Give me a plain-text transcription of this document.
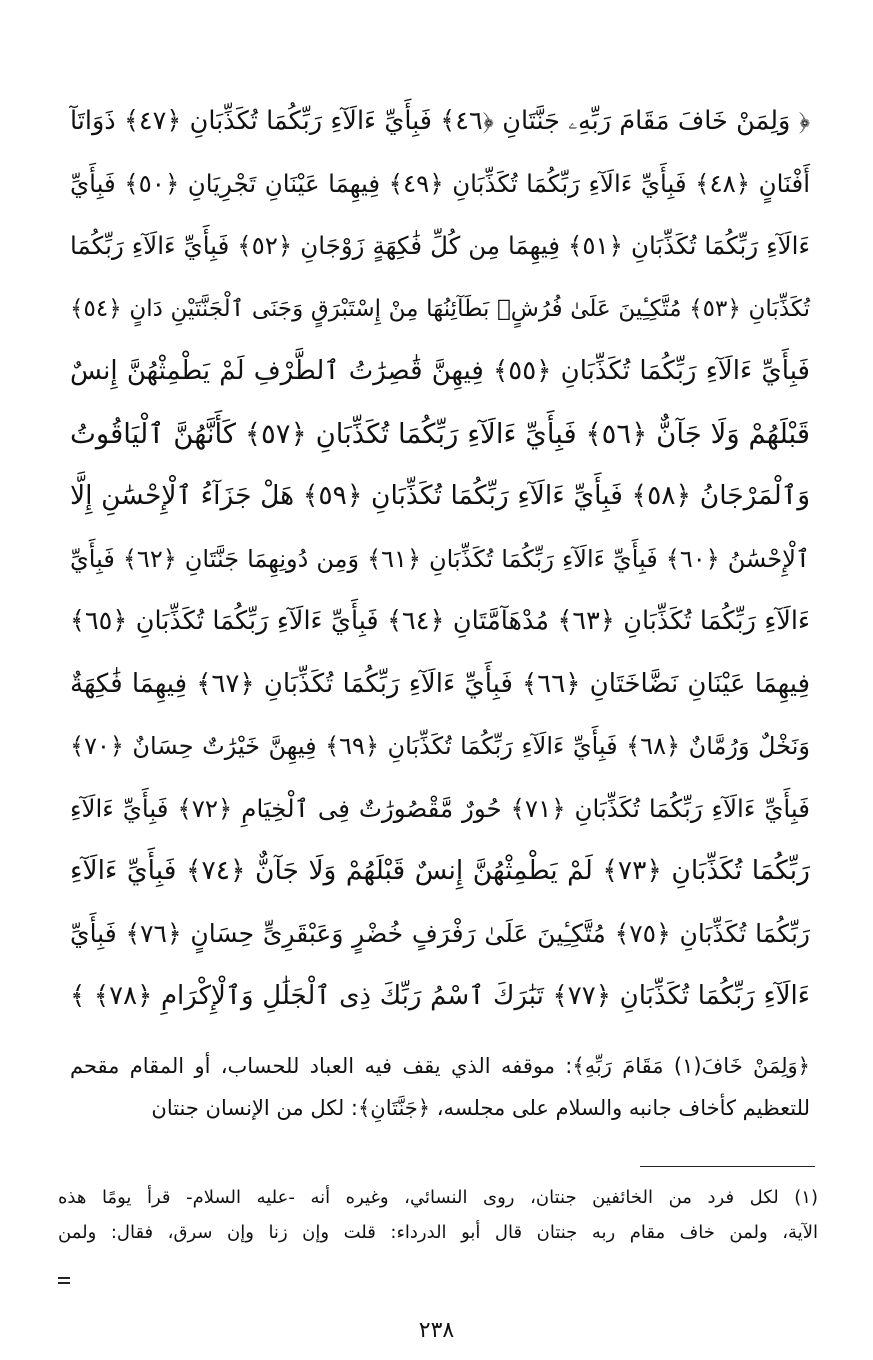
﴿ وَلِمَنْ خَافَ مَقَامَ رَبِّهِۦ جَنَّتَانِ ﴿٤٦﴾ فَبِأَيِّ ءَالَآءِ رَبِّكُمَا تُكَذِّبَانِ ﴿٤٧﴾ ذَوَاتَآ
أَفْنَانٍ ﴿٤٨﴾ فَبِأَيِّ ءَالَآءِ رَبِّكُمَا تُكَذِّبَانِ ﴿٤٩﴾ فِيهِمَا عَيْنَانِ تَجْرِيَانِ ﴿٥٠﴾ فَبِأَيِّ
ءَالَآءِ رَبِّكُمَا تُكَذِّبَانِ ﴿٥١﴾ فِيهِمَا مِن كُلِّ فَٰكِهَةٍ زَوْجَانِ ﴿٥٢﴾ فَبِأَيِّ ءَالَآءِ رَبِّكُمَا
تُكَذِّبَانِ ﴿٥٣﴾ مُتَّكِـِٔينَ عَلَىٰ فُرُشٍۭ بَطَآئِنُهَا مِنْ إِسْتَبْرَقٍ وَجَنَى ٱلْجَنَّتَيْنِ دَانٍ ﴿٥٤﴾
فَبِأَيِّ ءَالَآءِ رَبِّكُمَا تُكَذِّبَانِ ﴿٥٥﴾ فِيهِنَّ قَٰصِرَٰتُ ٱلطَّرْفِ لَمْ يَطْمِثْهُنَّ إِنسٌ
قَبْلَهُمْ وَلَا جَآنٌّ ﴿٥٦﴾ فَبِأَيِّ ءَالَآءِ رَبِّكُمَا تُكَذِّبَانِ ﴿٥٧﴾ كَأَنَّهُنَّ ٱلْيَاقُوتُ
وَٱلْمَرْجَانُ ﴿٥٨﴾ فَبِأَيِّ ءَالَآءِ رَبِّكُمَا تُكَذِّبَانِ ﴿٥٩﴾ هَلْ جَزَآءُ ٱلْإِحْسَٰنِ إِلَّا
ٱلْإِحْسَٰنُ ﴿٦٠﴾ فَبِأَيِّ ءَالَآءِ رَبِّكُمَا تُكَذِّبَانِ ﴿٦١﴾ وَمِن دُونِهِمَا جَنَّتَانِ ﴿٦٢﴾ فَبِأَيِّ
ءَالَآءِ رَبِّكُمَا تُكَذِّبَانِ ﴿٦٣﴾ مُدْهَآمَّتَانِ ﴿٦٤﴾ فَبِأَيِّ ءَالَآءِ رَبِّكُمَا تُكَذِّبَانِ ﴿٦٥﴾
فِيهِمَا عَيْنَانِ نَضَّاخَتَانِ ﴿٦٦﴾ فَبِأَيِّ ءَالَآءِ رَبِّكُمَا تُكَذِّبَانِ ﴿٦٧﴾ فِيهِمَا فَٰكِهَةٌ
وَنَخْلٌ وَرُمَّانٌ ﴿٦٨﴾ فَبِأَيِّ ءَالَآءِ رَبِّكُمَا تُكَذِّبَانِ ﴿٦٩﴾ فِيهِنَّ خَيْرَٰتٌ حِسَانٌ ﴿٧٠﴾
فَبِأَيِّ ءَالَآءِ رَبِّكُمَا تُكَذِّبَانِ ﴿٧١﴾ حُورٌ مَّقْصُورَٰتٌ فِى ٱلْخِيَامِ ﴿٧٢﴾ فَبِأَيِّ ءَالَآءِ
رَبِّكُمَا تُكَذِّبَانِ ﴿٧٣﴾ لَمْ يَطْمِثْهُنَّ إِنسٌ قَبْلَهُمْ وَلَا جَآنٌّ ﴿٧٤﴾ فَبِأَيِّ ءَالَآءِ
رَبِّكُمَا تُكَذِّبَانِ ﴿٧٥﴾ مُتَّكِـِٔينَ عَلَىٰ رَفْرَفٍ خُضْرٍ وَعَبْقَرِىٍّ حِسَانٍ ﴿٧٦﴾ فَبِأَيِّ
ءَالَآءِ رَبِّكُمَا تُكَذِّبَانِ ﴿٧٧﴾ تَبَٰرَكَ ٱسْمُ رَبِّكَ ذِى ٱلْجَلَٰلِ وَٱلْإِكْرَامِ ﴿٧٨﴾ ﴾
﴿وَلِمَنْ خَافَ(١) مَقَامَ رَبِّهِ﴾: موقفه الذي يقف فيه العباد للحساب، أو المقام مقحم
للتعظيم كأخاف جانبه والسلام على مجلسه، ﴿جَنَّتَانِ﴾: لكل من الإنسان جنتان
(١) لكل فرد من الخائفين جنتان، روى النسائي، وغيره أنه -عليه السلام- قرأ يومًا هذه
الآية، ولمن خاف مقام ربه جنتان قال أبو الدرداء: قلت وإن زنا وإن سرق، فقال: ولمن
٢٣٨
